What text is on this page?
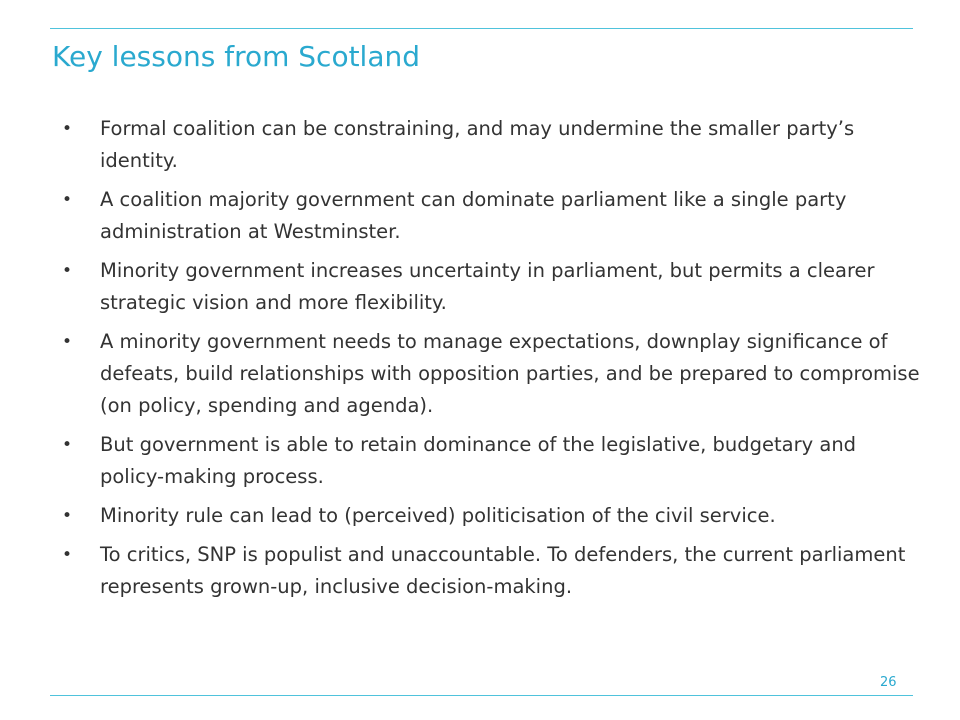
Key lessons from Scotland
• Formal coalition can be constraining, and may undermine the smaller party’s identity.
• A coalition majority government can dominate parliament like a single party administration at Westminster.
• Minority government increases uncertainty in parliament, but permits a clearer strategic vision and more flexibility.
• A minority government needs to manage expectations, downplay significance of defeats, build relationships with opposition parties, and be prepared to compromise (on policy, spending and agenda).
• But government is able to retain dominance of the legislative, budgetary and policy-making process.
• Minority rule can lead to (perceived) politicisation of the civil service.
• To critics, SNP is populist and unaccountable. To defenders, the current parliament represents grown-up, inclusive decision-making.
26
